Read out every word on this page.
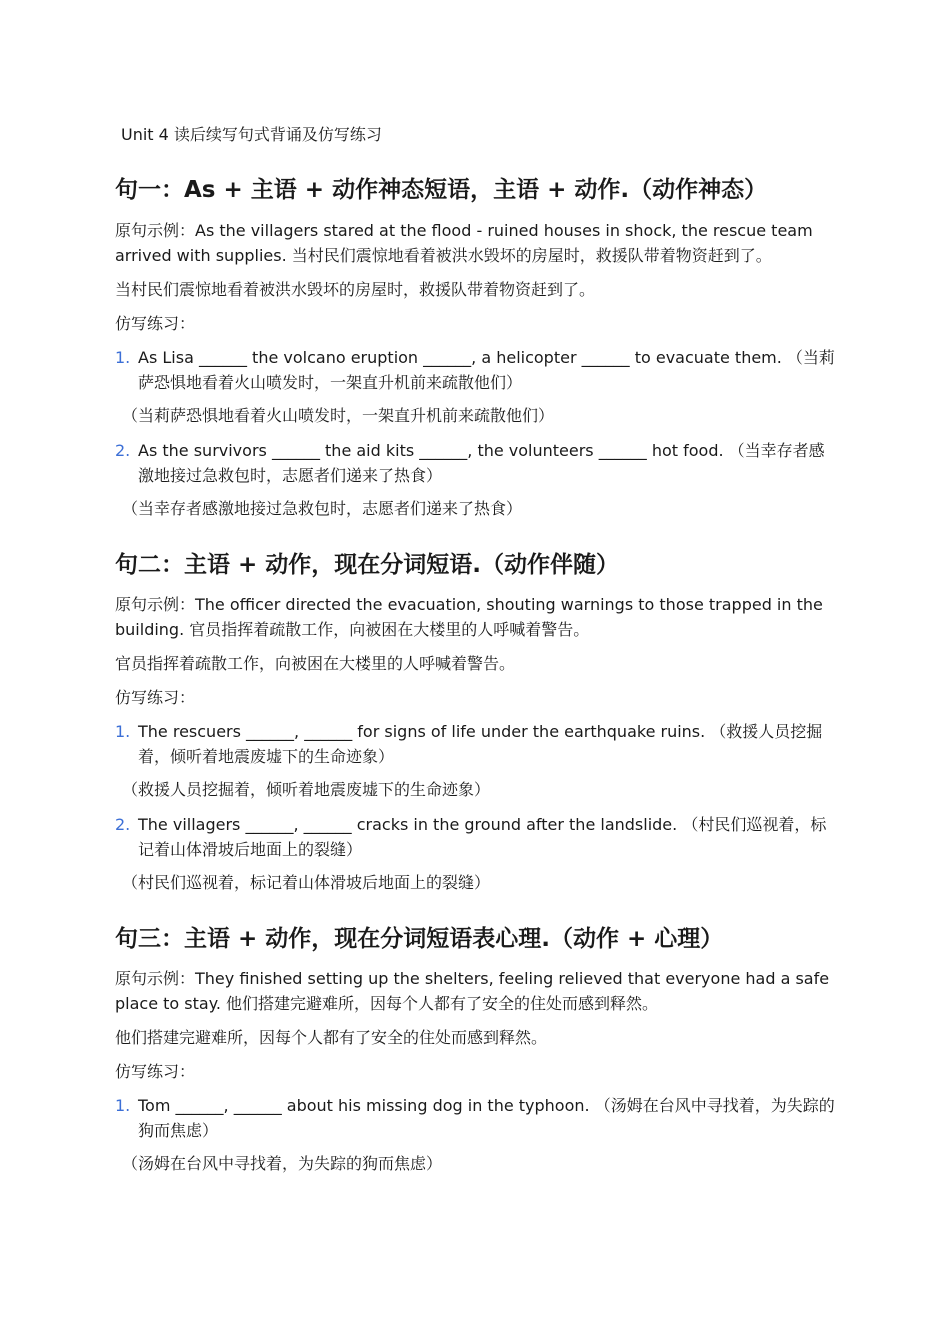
Unit 4 读后续写句式背诵及仿写练习
句一：As + 主语 + 动作神态短语，主语 + 动作.（动作神态）
原句示例：As the villagers stared at the flood - ruined houses in shock, the rescue team arrived with supplies. 当村民们震惊地看着被洪水毁坏的房屋时，救援队带着物资赶到了。
当村民们震惊地看着被洪水毁坏的房屋时，救援队带着物资赶到了。
仿写练习：
1. As Lisa ______ the volcano eruption ______, a helicopter ______ to evacuate them. （当莉萨恐惧地看着火山喷发时，一架直升机前来疏散他们）
（当莉萨恐惧地看着火山喷发时，一架直升机前来疏散他们）
2. As the survivors ______ the aid kits ______, the volunteers ______ hot food. （当幸存者感激地接过急救包时，志愿者们递来了热食）
（当幸存者感激地接过急救包时，志愿者们递来了热食）
句二：主语 + 动作，现在分词短语.（动作伴随）
原句示例：The officer directed the evacuation, shouting warnings to those trapped in the building. 官员指挥着疏散工作，向被困在大楼里的人呼喊着警告。
官员指挥着疏散工作，向被困在大楼里的人呼喊着警告。
仿写练习：
1. The rescuers ______, ______ for signs of life under the earthquake ruins. （救援人员挖掘着，倾听着地震废墟下的生命迹象）
（救援人员挖掘着，倾听着地震废墟下的生命迹象）
2. The villagers ______, ______ cracks in the ground after the landslide. （村民们巡视着，标记着山体滑坡后地面上的裂缝）
（村民们巡视着，标记着山体滑坡后地面上的裂缝）
句三：主语 + 动作，现在分词短语表心理.（动作 + 心理）
原句示例：They finished setting up the shelters, feeling relieved that everyone had a safe place to stay. 他们搭建完避难所，因每个人都有了安全的住处而感到释然。
他们搭建完避难所，因每个人都有了安全的住处而感到释然。
仿写练习：
1. Tom ______, ______ about his missing dog in the typhoon. （汤姆在台风中寻找着，为失踪的狗而焦虑）
（汤姆在台风中寻找着，为失踪的狗而焦虑）
